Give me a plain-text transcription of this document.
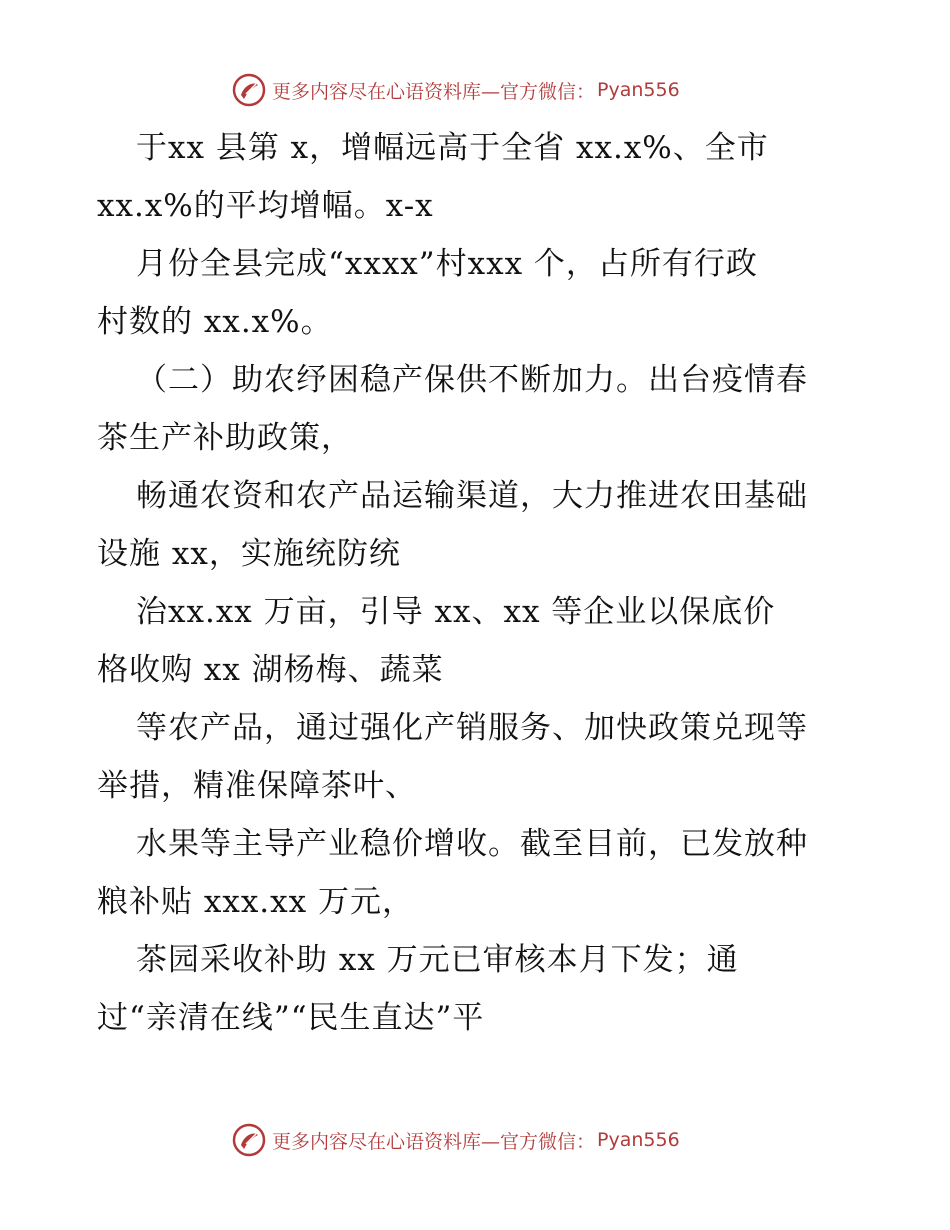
更多内容尽在心语资料库—官方微信： Pyan556
于xx 县第 x，增幅远高于全省 xx.x%、全市
xx.x%的平均增幅。x-x
月份全县完成“xxxx”村xxx 个，占所有行政
村数的 xx.x%。
（二）助农纾困稳产保供不断加力。出台疫情春
茶生产补助政策，
畅通农资和农产品运输渠道，大力推进农田基础
设施 xx，实施统防统
治xx.xx 万亩，引导 xx、xx 等企业以保底价
格收购 xx 湖杨梅、蔬菜
等农产品，通过强化产销服务、加快政策兑现等
举措，精准保障茶叶、
水果等主导产业稳价增收。截至目前，已发放种
粮补贴 xxx.xx 万元，
茶园采收补助 xx 万元已审核本月下发；通
过“亲清在线”“民生直达”平
更多内容尽在心语资料库—官方微信： Pyan556
